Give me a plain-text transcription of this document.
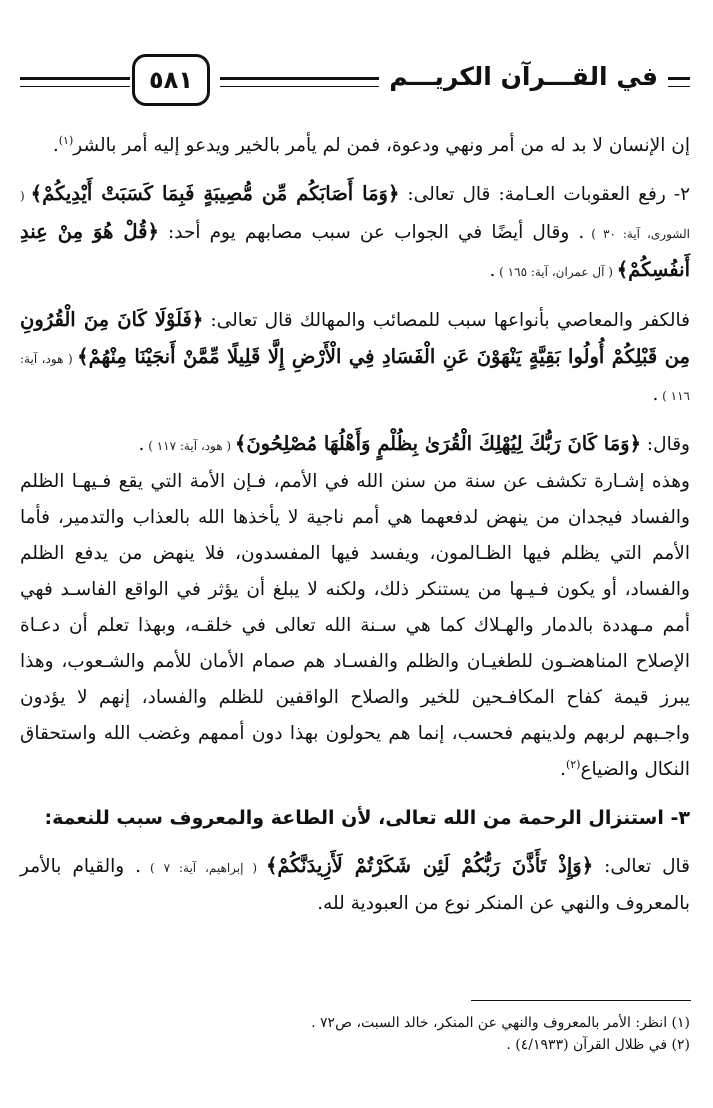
في القـــرآن الكريـــم
٥٨١

إن الإنسان لا بد له من أمر ونهي ودعوة، فمن لم يأمر بالخير ويدعو إليه أمر بالشر$^{(١)}$.

٢- رفع العقوبات العـامة: قال تعالى: ﴿وَمَا أَصَابَكُم مِّن مُّصِيبَةٍ فَبِمَا كَسَبَتْ أَيْدِيكُمْ﴾ ( الشورى، آية: ٣٠ ) . وقال أيضًا في الجواب عن سبب مصابهم يوم أحد: ﴿قُلْ هُوَ مِنْ عِندِ أَنفُسِكُمْ﴾ ( آل عمران، آية: ١٦٥ ) .

فالكفر والمعاصي بأنواعها سبب للمصائب والمهالك قال تعالى: ﴿فَلَوْلَا كَانَ مِنَ الْقُرُونِ مِن قَبْلِكُمْ أُولُوا بَقِيَّةٍ يَنْهَوْنَ عَنِ الْفَسَادِ فِي الْأَرْضِ إِلَّا قَلِيلًا مِّمَّنْ أَنجَيْنَا مِنْهُمْ﴾ ( هود، آية: ١١٦ ) .

وقال: ﴿وَمَا كَانَ رَبُّكَ لِيُهْلِكَ الْقُرَىٰ بِظُلْمٍ وَأَهْلُهَا مُصْلِحُونَ﴾ ( هود، آية: ١١٧ ) .

وهذه إشـارة تكشف عن سنة من سنن الله في الأمم، فـإن الأمة التي يقع فـيهـا الظلم والفساد فيجدان من ينهض لدفعهما هي أمم ناجية لا يأخذها الله بالعذاب والتدمير، فأما الأمم التي يظلم فيها الظـالمون، ويفسد فيها المفسدون، فلا ينهض من يدفع الظلم والفساد، أو يكون فـيـها من يستنكر ذلك، ولكنه لا يبلغ أن يؤثر في الواقع الفاسـد فهي أمم مـهددة بالدمار والهـلاك كما هي سـنة الله تعالى في خلقـه، وبهذا تعلم أن دعـاة الإصلاح المناهضـون للطغيـان والظلم والفسـاد هم صمام الأمان للأمم والشـعوب، وهذا يبرز قيمة كفاح المكافـحين للخير والصلاح الواقفين للظلم والفساد، إنهم لا يؤدون واجـبهم لربهم ولدينهم فحسب، إنما هم يحولون بهذا دون أممهم وغضب الله واستحقاق النكال والضياع$^{(٢)}$.

٣- استنزال الرحمة من الله تعالى، لأن الطاعة والمعروف سبب للنعمة:

قال تعالى: ﴿وَإِذْ تَأَذَّنَ رَبُّكُمْ لَئِن شَكَرْتُمْ لَأَزِيدَنَّكُمْ﴾ ( إبراهيم، آية: ٧ ) . والقيام بالأمر بالمعروف والنهي عن المنكر نوع من العبودية لله.

(١) انظر: الأمر بالمعروف والنهي عن المنكر، خالد السبت، ص٧٢ .
(٢) في ظلال القرآن (٤/١٩٣٣) .
